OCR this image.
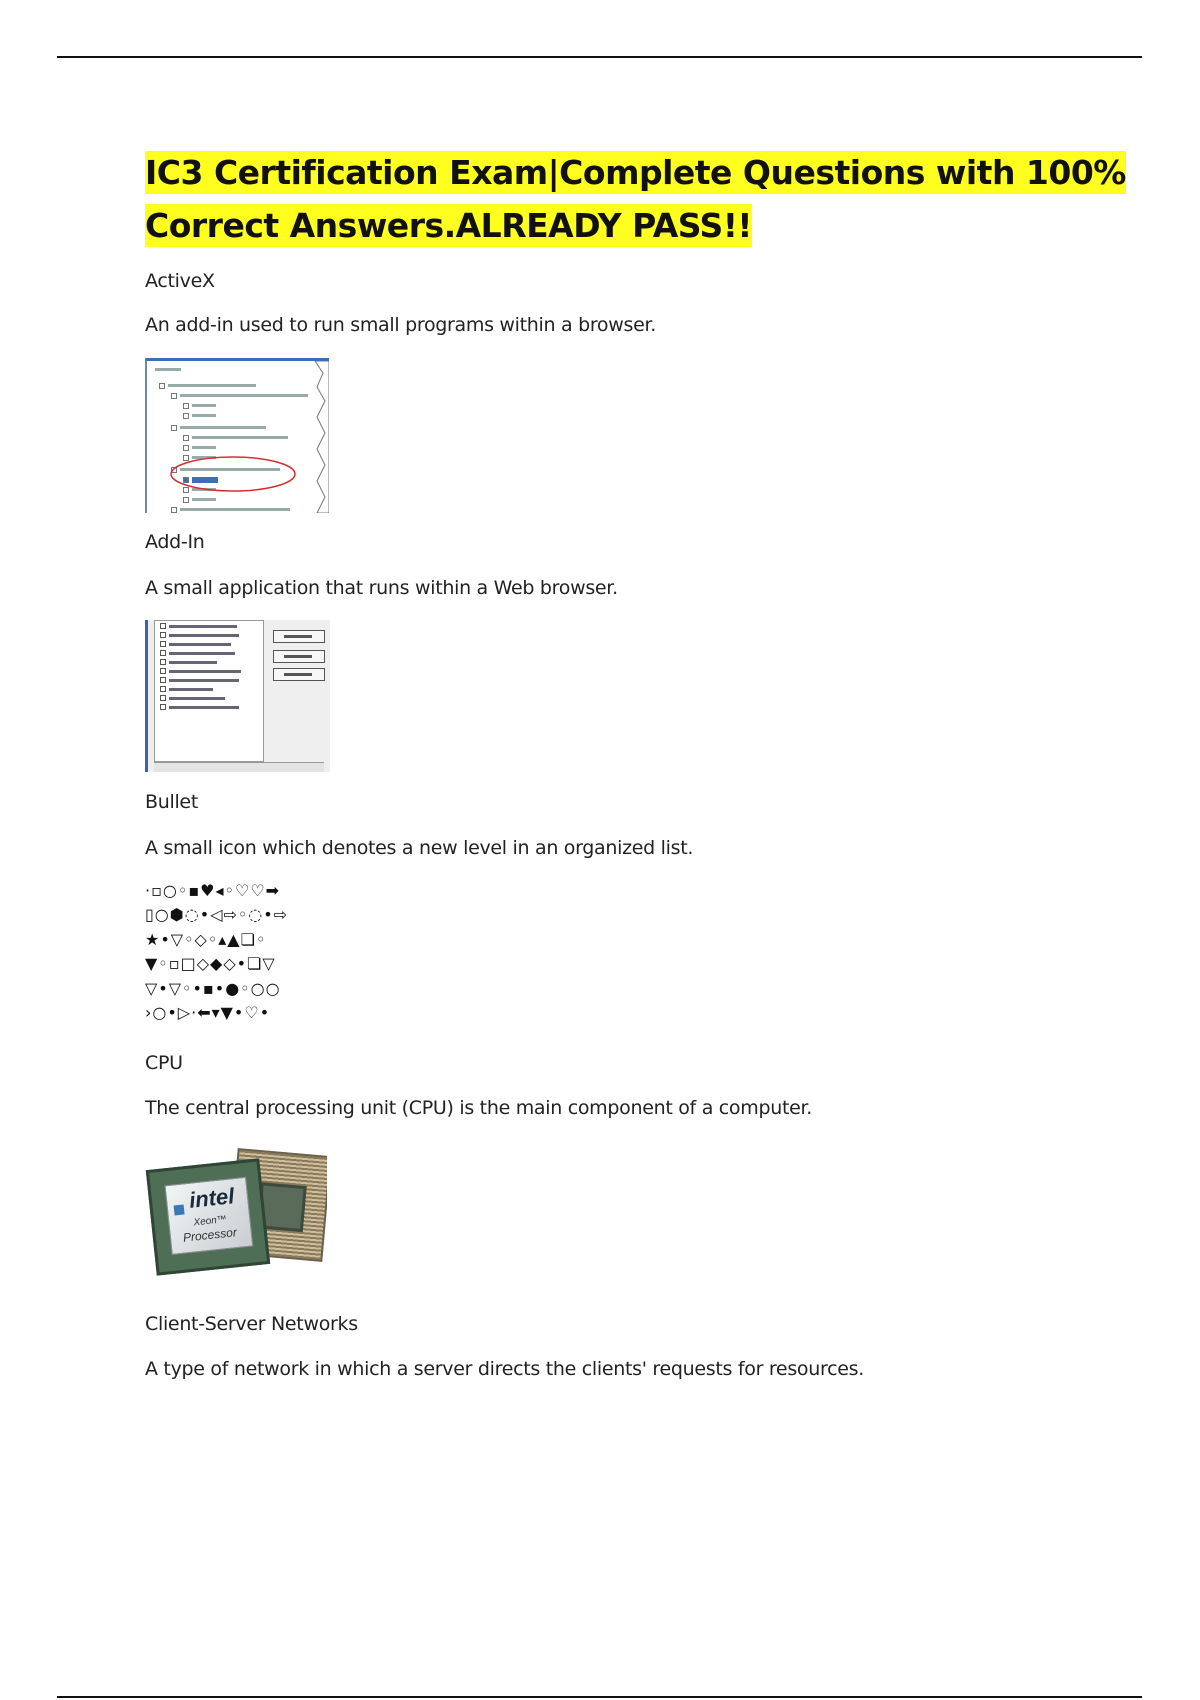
IC3 Certification Exam|Complete Questions with 100%
Correct Answers.ALREADY PASS!!
ActiveX
An add-in used to run small programs within a browser.
Add-In
A small application that runs within a Web browser.
Bullet
A small icon which denotes a new level in an organized list.
·▫○◦▪♥◂◦♡♡➡
▯○⬢◌•◁⇨◦◌•⇨
★•▽◦◇◦▴▲❏◦
▼◦▫□◇◆◇•❏▽
▽•▽◦•▪•●◦○○
›○•▷·⬅▾▼•♡•
CPU
The central processing unit (CPU) is the main component of a computer.
intel
Xeon™
Processor
Client-Server Networks
A type of network in which a server directs the clients' requests for resources.
